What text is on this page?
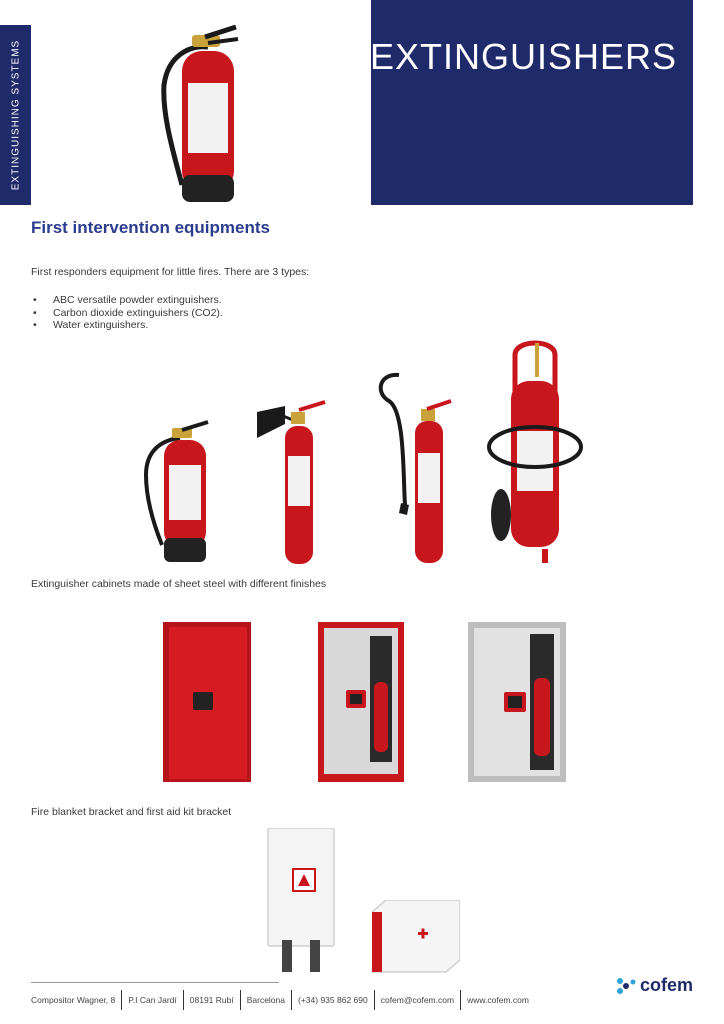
EXTINGUISHING SYSTEMS	EXTINGUISHERS
First intervention equipments

First responders equipment for little fires. There are 3 types:

• ABC versatile powder extinguishers.
• Carbon dioxide extinguishers (CO2).
• Water extinguishers.

Extinguisher cabinets made of sheet steel with different finishes

Fire blanket bracket and first aid kit bracket

Compositor Wagner, 8	P.I Can Jardí	08191 Rubí	Barcelona	(+34) 935 862 690	cofem@cofem.com	www.cofem.com
cofem
